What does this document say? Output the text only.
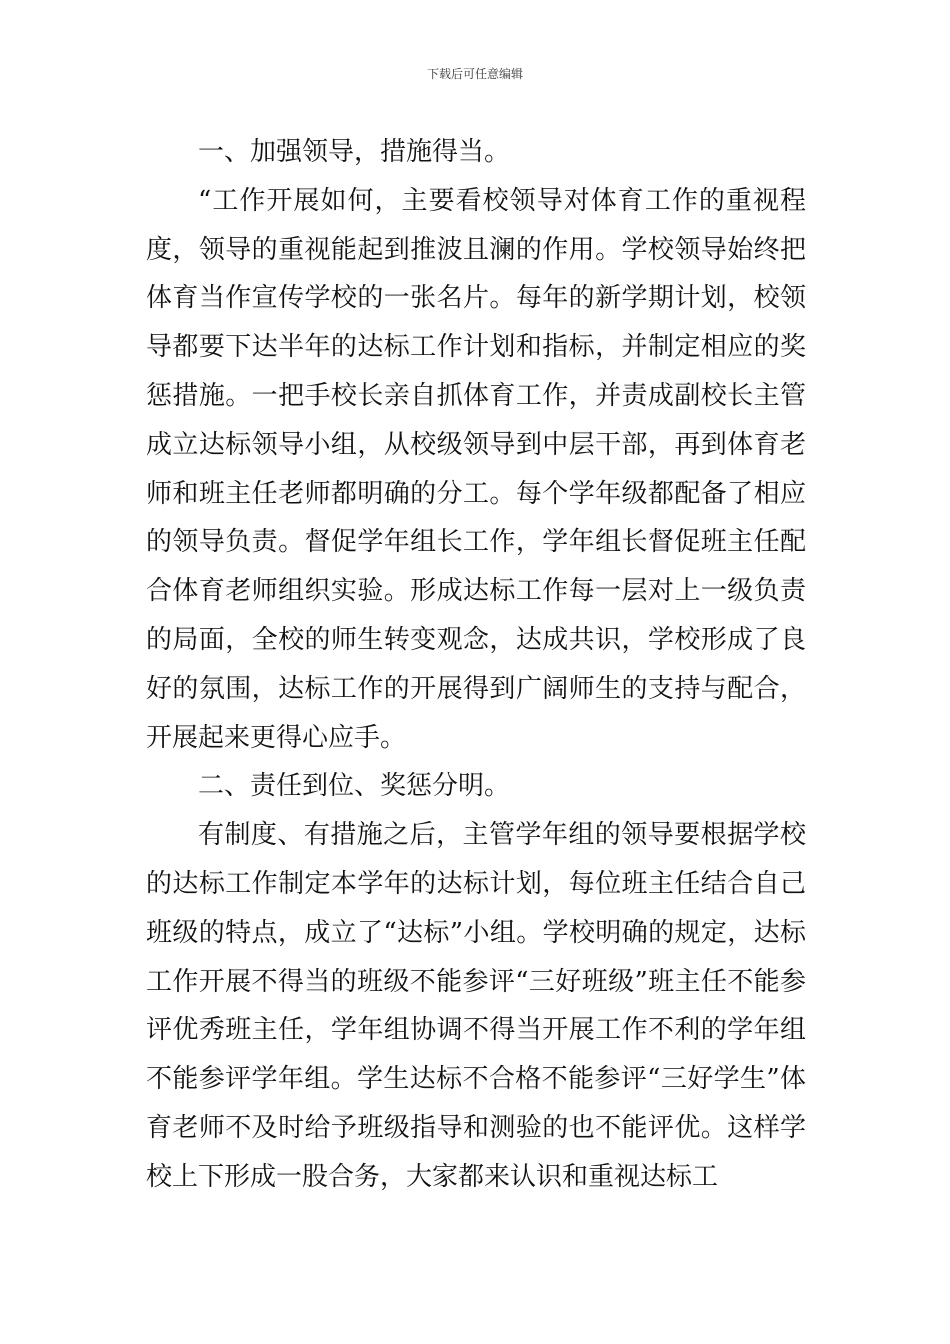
下载后可任意编辑

一、加强领导，措施得当。

“工作开展如何，主要看校领导对体育工作的重视程度，领导的重视能起到推波且澜的作用。学校领导始终把体育当作宣传学校的一张名片。每年的新学期计划，校领导都要下达半年的达标工作计划和指标，并制定相应的奖惩措施。一把手校长亲自抓体育工作，并责成副校长主管成立达标领导小组，从校级领导到中层干部，再到体育老师和班主任老师都明确的分工。每个学年级都配备了相应的领导负责。督促学年组长工作，学年组长督促班主任配合体育老师组织实验。形成达标工作每一层对上一级负责的局面，全校的师生转变观念，达成共识，学校形成了良好的氛围，达标工作的开展得到广阔师生的支持与配合，开展起来更得心应手。

二、责任到位、奖惩分明。

有制度、有措施之后，主管学年组的领导要根据学校的达标工作制定本学年的达标计划，每位班主任结合自己班级的特点，成立了“达标”小组。学校明确的规定，达标工作开展不得当的班级不能参评“三好班级”班主任不能参评优秀班主任，学年组协调不得当开展工作不利的学年组不能参评学年组。学生达标不合格不能参评“三好学生”体育老师不及时给予班级指导和测验的也不能评优。这样学校上下形成一股合务，大家都来认识和重视达标工
